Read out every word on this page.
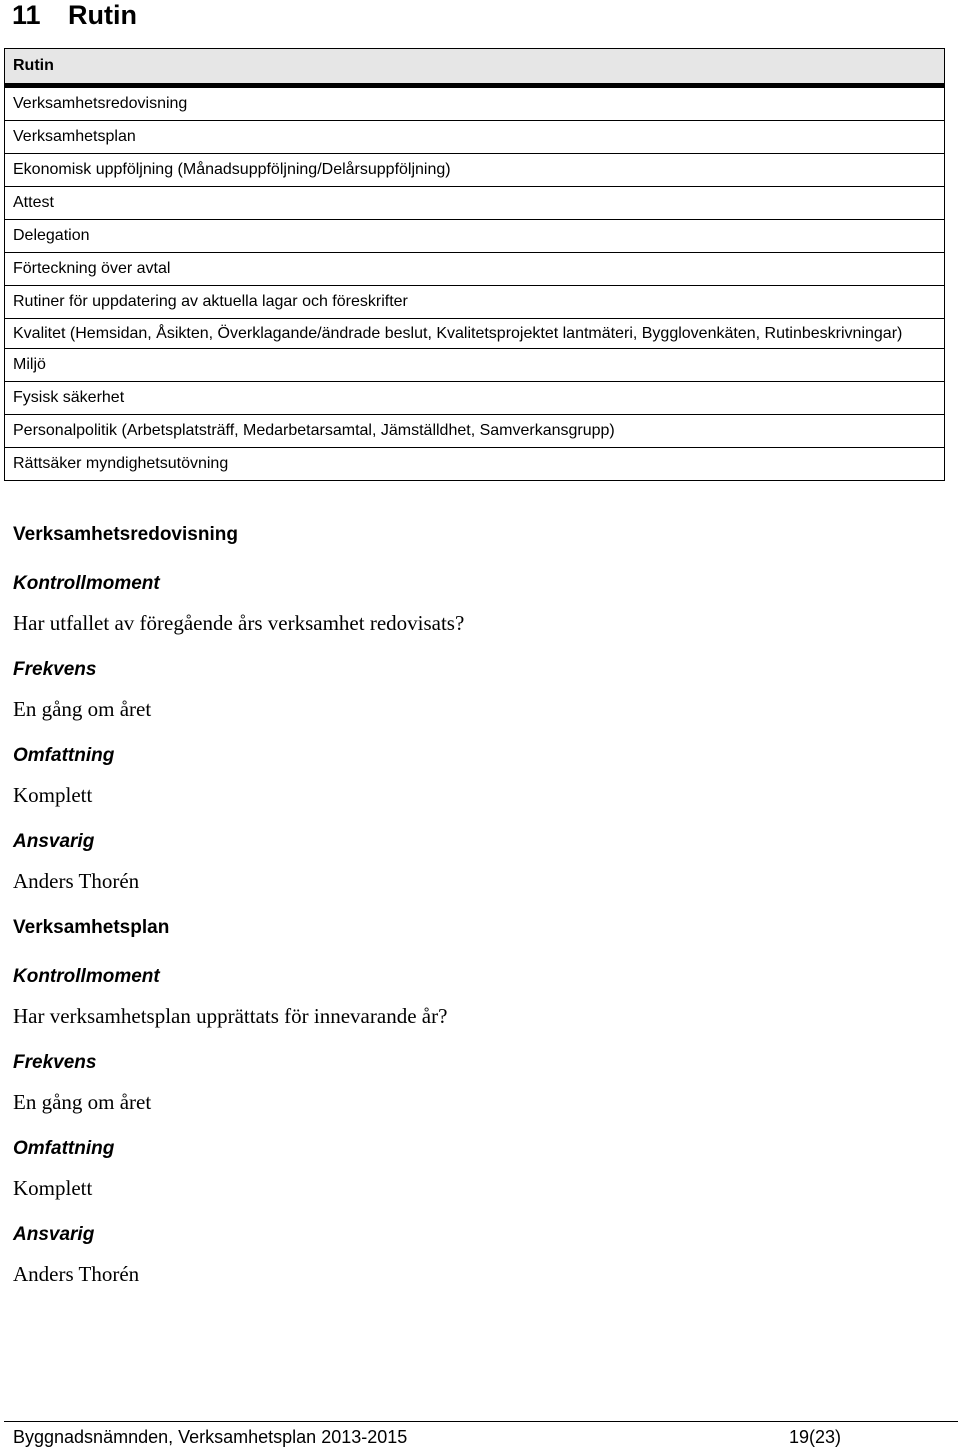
11 Rutin
Rutin
Verksamhetsredovisning
Verksamhetsplan
Ekonomisk uppföljning (Månadsuppföljning/Delårsuppföljning)
Attest
Delegation
Förteckning över avtal
Rutiner för uppdatering av aktuella lagar och föreskrifter
Kvalitet (Hemsidan, Åsikten, Överklagande/ändrade beslut, Kvalitetsprojektet lantmäteri, Bygglovenkäten, Rutinbeskrivningar)
Miljö
Fysisk säkerhet
Personalpolitik (Arbetsplatsträff, Medarbetarsamtal, Jämställdhet, Samverkansgrupp)
Rättsäker myndighetsutövning
Verksamhetsredovisning
Kontrollmoment
Har utfallet av föregående års verksamhet redovisats?
Frekvens
En gång om året
Omfattning
Komplett
Ansvarig
Anders Thorén
Verksamhetsplan
Kontrollmoment
Har verksamhetsplan upprättats för innevarande år?
Frekvens
En gång om året
Omfattning
Komplett
Ansvarig
Anders Thorén
Byggnadsnämnden, Verksamhetsplan 2013-2015	19(23)
